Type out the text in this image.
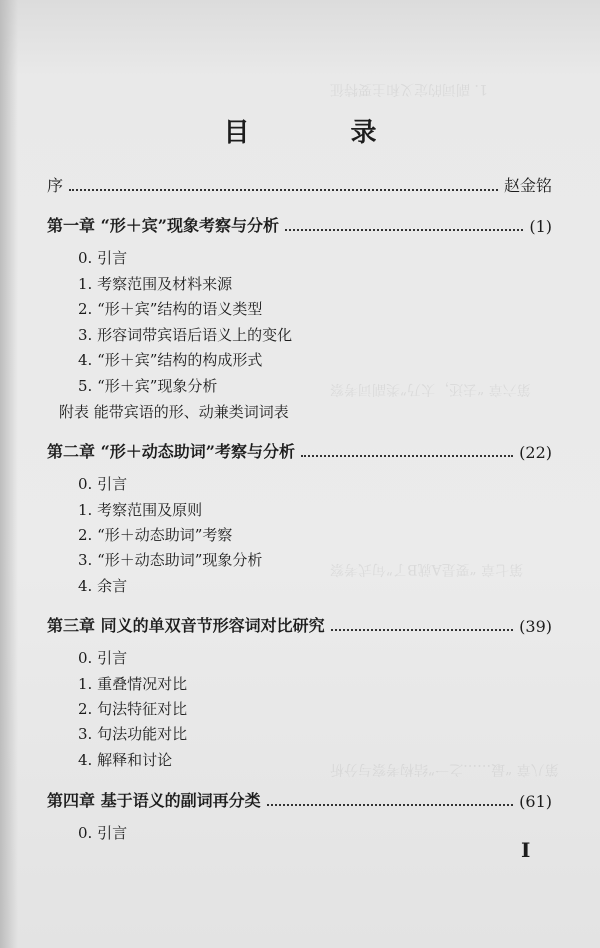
1. 副词的定义和主要特征
第六章 “去还，太乃”类副词考察
第七章 “要是A就B了”句式考察
第八章 “最……之一”结构考察与分析
目 录
序	赵金铭
第一章 “形＋宾”现象考察与分析	(1)
0. 引言
1. 考察范围及材料来源
2. “形＋宾”结构的语义类型
3. 形容词带宾语后语义上的变化
4. “形＋宾”结构的构成形式
5. “形＋宾”现象分析
附表 能带宾语的形、动兼类词词表
第二章 “形＋动态助词”考察与分析	(22)
0. 引言
1. 考察范围及原则
2. “形＋动态助词”考察
3. “形＋动态助词”现象分析
4. 余言
第三章 同义的单双音节形容词对比研究	(39)
0. 引言
1. 重叠情况对比
2. 句法特征对比
3. 句法功能对比
4. 解释和讨论
第四章 基于语义的副词再分类	(61)
0. 引言
I
